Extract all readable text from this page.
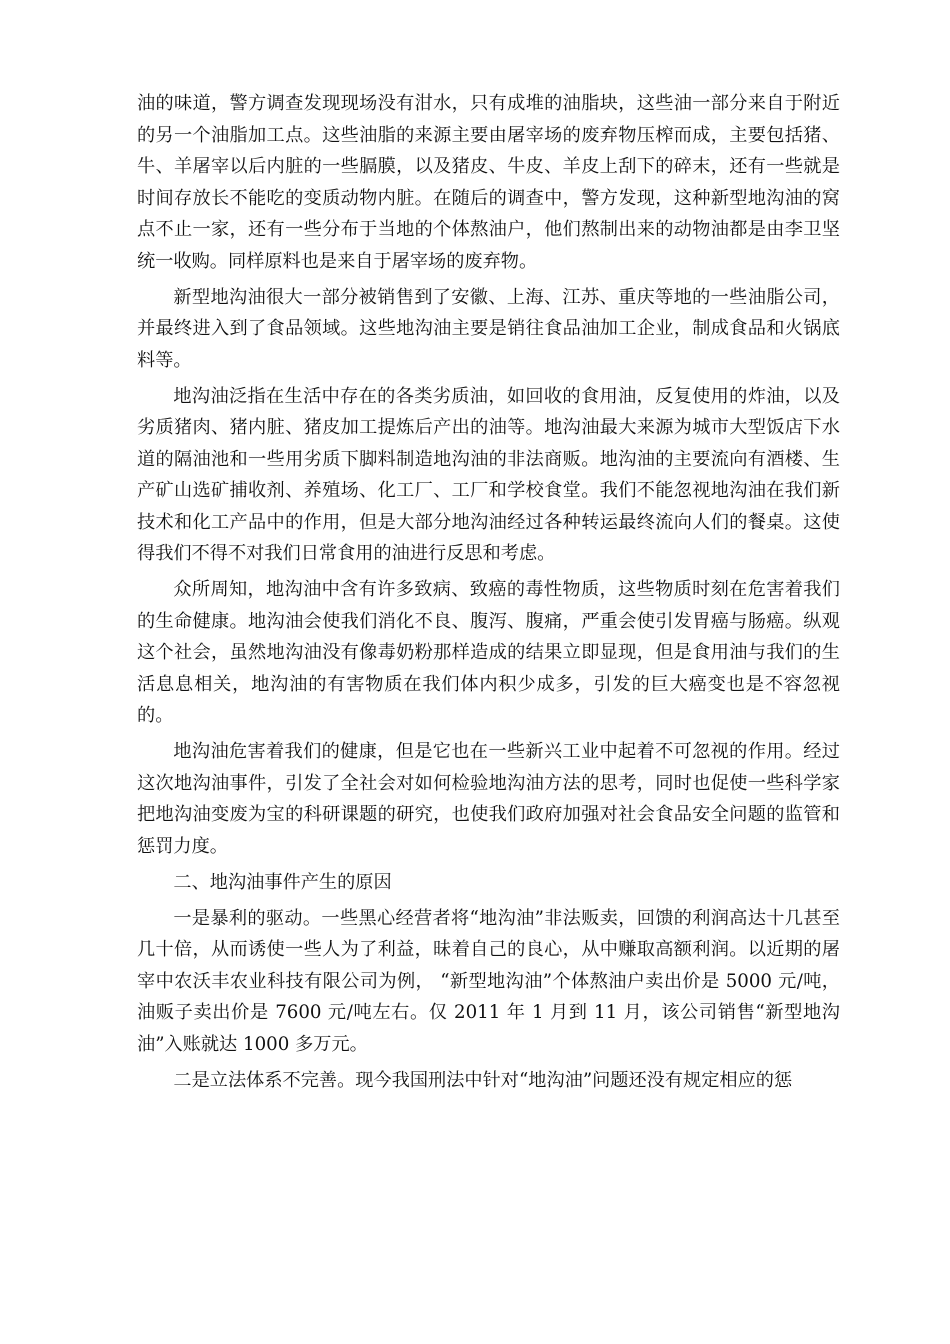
油的味道，警方调查发现现场没有泔水，只有成堆的油脂块，这些油一部分来自于附近的另一个油脂加工点。这些油脂的来源主要由屠宰场的废弃物压榨而成，主要包括猪、牛、羊屠宰以后内脏的一些膈膜，以及猪皮、牛皮、羊皮上刮下的碎末，还有一些就是时间存放长不能吃的变质动物内脏。在随后的调查中，警方发现，这种新型地沟油的窝点不止一家，还有一些分布于当地的个体熬油户，他们熬制出来的动物油都是由李卫坚统一收购。同样原料也是来自于屠宰场的废弃物。

新型地沟油很大一部分被销售到了安徽、上海、江苏、重庆等地的一些油脂公司，并最终进入到了食品领域。这些地沟油主要是销往食品油加工企业，制成食品和火锅底料等。

地沟油泛指在生活中存在的各类劣质油，如回收的食用油，反复使用的炸油，以及劣质猪肉、猪内脏、猪皮加工提炼后产出的油等。地沟油最大来源为城市大型饭店下水道的隔油池和一些用劣质下脚料制造地沟油的非法商贩。地沟油的主要流向有酒楼、生产矿山选矿捕收剂、养殖场、化工厂、工厂和学校食堂。我们不能忽视地沟油在我们新技术和化工产品中的作用，但是大部分地沟油经过各种转运最终流向人们的餐桌。这使得我们不得不对我们日常食用的油进行反思和考虑。

众所周知，地沟油中含有许多致病、致癌的毒性物质，这些物质时刻在危害着我们的生命健康。地沟油会使我们消化不良、腹泻、腹痛，严重会使引发胃癌与肠癌。纵观这个社会，虽然地沟油没有像毒奶粉那样造成的结果立即显现，但是食用油与我们的生活息息相关，地沟油的有害物质在我们体内积少成多，引发的巨大癌变也是不容忽视的。

地沟油危害着我们的健康，但是它也在一些新兴工业中起着不可忽视的作用。经过这次地沟油事件，引发了全社会对如何检验地沟油方法的思考，同时也促使一些科学家把地沟油变废为宝的科研课题的研究，也使我们政府加强对社会食品安全问题的监管和惩罚力度。

二、地沟油事件产生的原因

一是暴利的驱动。一些黑心经营者将“地沟油”非法贩卖，回馈的利润高达十几甚至几十倍，从而诱使一些人为了利益，昧着自己的良心，从中赚取高额利润。以近期的屠宰中农沃丰农业科技有限公司为例， “新型地沟油”个体熬油户卖出价是 5000 元/吨，油贩子卖出价是 7600 元/吨左右。仅 2011 年 1 月到 11 月，该公司销售“新型地沟油”入账就达 1000 多万元。

二是立法体系不完善。现今我国刑法中针对“地沟油”问题还没有规定相应的惩
